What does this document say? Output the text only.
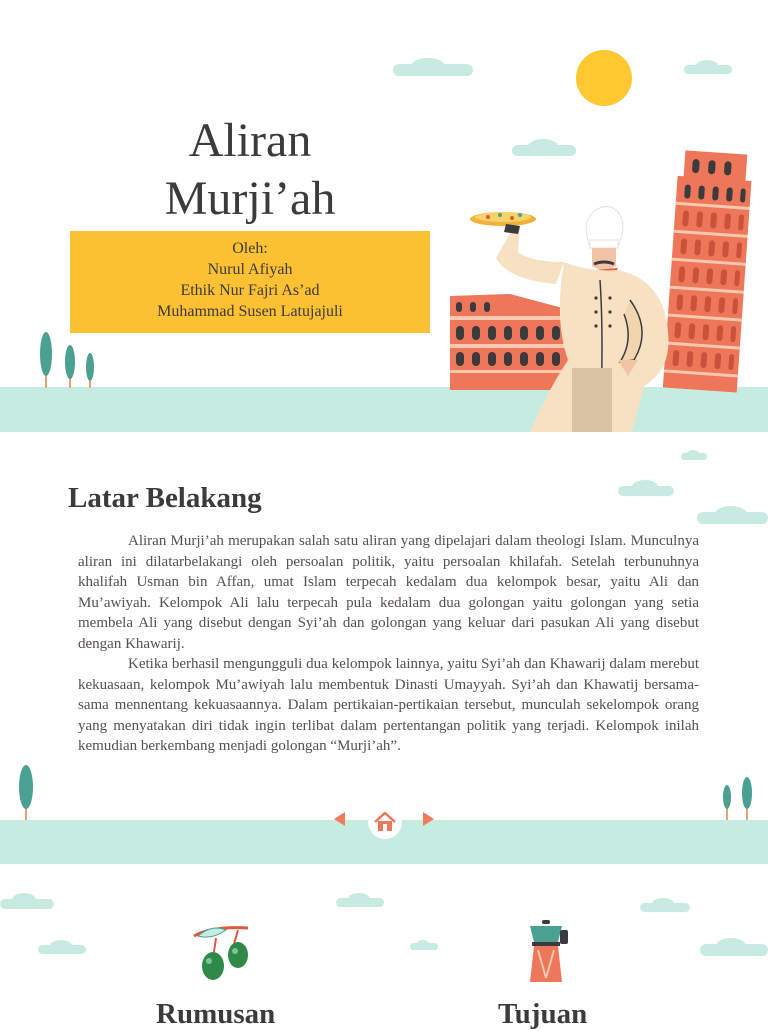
Aliran
Murji’ah
Oleh:
Nurul Afiyah
Ethik Nur Fajri As’ad
Muhammad Susen Latujajuli
Latar Belakang

Aliran Murji’ah merupakan salah satu aliran yang dipelajari dalam theologi Islam. Munculnya aliran ini dilatarbelakangi oleh persoalan politik, yaitu persoalan khilafah. Setelah terbunuhnya khalifah Usman bin Affan, umat Islam terpecah kedalam dua kelompok besar, yaitu Ali dan Mu’awiyah. Kelompok Ali lalu terpecah pula kedalam dua golongan yaitu golongan yang setia membela Ali yang disebut dengan Syi’ah dan golongan yang keluar dari pasukan Ali yang disebut dengan Khawarij.

Ketika berhasil mengungguli dua kelompok lainnya, yaitu Syi’ah dan Khawarij dalam merebut kekuasaan, kelompok Mu’awiyah lalu membentuk Dinasti Umayyah. Syi’ah dan Khawatij bersama-sama mennentang kekuasaannya. Dalam pertikaian-pertikaian tersebut, munculah sekelompok orang yang menyatakan diri tidak ingin terlibat dalam pertentangan politik yang terjadi. Kelompok inilah kemudian berkembang menjadi golongan “Murji’ah”.

Rumusan	Tujuan
